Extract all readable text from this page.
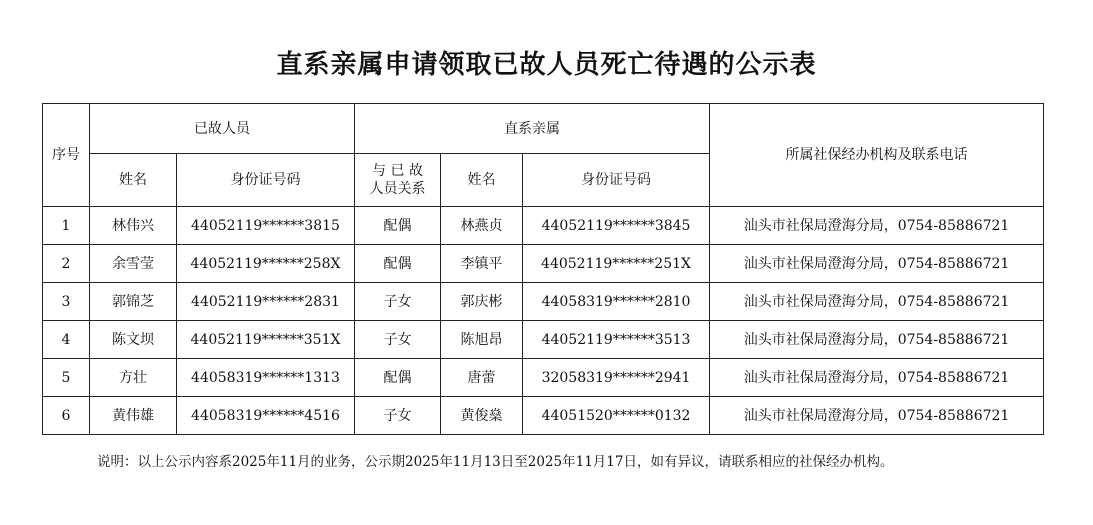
直系亲属申请领取已故人员死亡待遇的公示表
序号	已故人员		直系亲属			所属社保经办机构及联系电话
	姓名	身份证号码	与 已 故
人员关系	姓名	身份证号码	
1	林伟兴	44052119******3815	配偶	林燕贞	44052119******3845	汕头市社保局澄海分局，0754-85886721
2	余雪莹	44052119******258X	配偶	李镇平	44052119******251X	汕头市社保局澄海分局，0754-85886721
3	郭锦芝	44052119******2831	子女	郭庆彬	44058319******2810	汕头市社保局澄海分局，0754-85886721
4	陈文坝	44052119******351X	子女	陈旭昂	44052119******3513	汕头市社保局澄海分局，0754-85886721
5	方壮	44058319******1313	配偶	唐蕾	32058319******2941	汕头市社保局澄海分局，0754-85886721
6	黄伟雄	44058319******4516	子女	黄俊燊	44051520******0132	汕头市社保局澄海分局，0754-85886721
说明：以上公示内容系2025年11月的业务，公示期2025年11月13日至2025年11月17日，如有异议，请联系相应的社保经办机构。
